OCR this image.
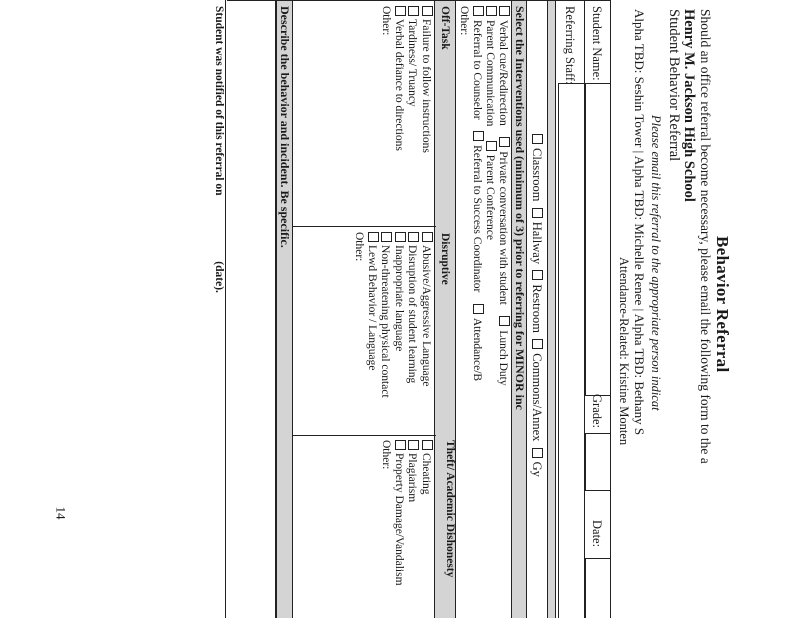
14
Behavior Referral
Should an office referral become necessary, please email the following form to the a
Henry M. Jackson High School
Student Behavior Referral
Please email this referral to the appropriate person indicat
Alpha TBD: Seshin Tower | Alpha TBD: Michelle Renee | Alpha TBD: Bethany S
Attendance-Related: Kristine Monten
Student Name:
Grade:
Date:
Referring Staff:
Classroom  Hallway  Restroom  Commons/Annex  Gy
Select the Interventions used (minimum of 3) prior to referring for MINOR inc
Verbal cue/Redirection    Private conversation with student    Lunch Duty
Parent Communication     Parent Conference
Referral to Counselor    Referral to Success Coordinator    Attendance/B
Other:
Off-Task
Disruptive
Theft/ Academic Dishonesty
Failure to follow instructions
Tardiness/ Truancy
Verbal defiance to directions
Other:
Abusive/Aggressive Language
Disruption of student learning
Inappropriate language
Non-threatening physical contact
Lewd Behavior / Language
Other:
Cheating
Plagiarism
Property Damage/Vandalism
Other:
Describe the behavior and incident. Be specific.
Student was notified of this referral on  (date).
